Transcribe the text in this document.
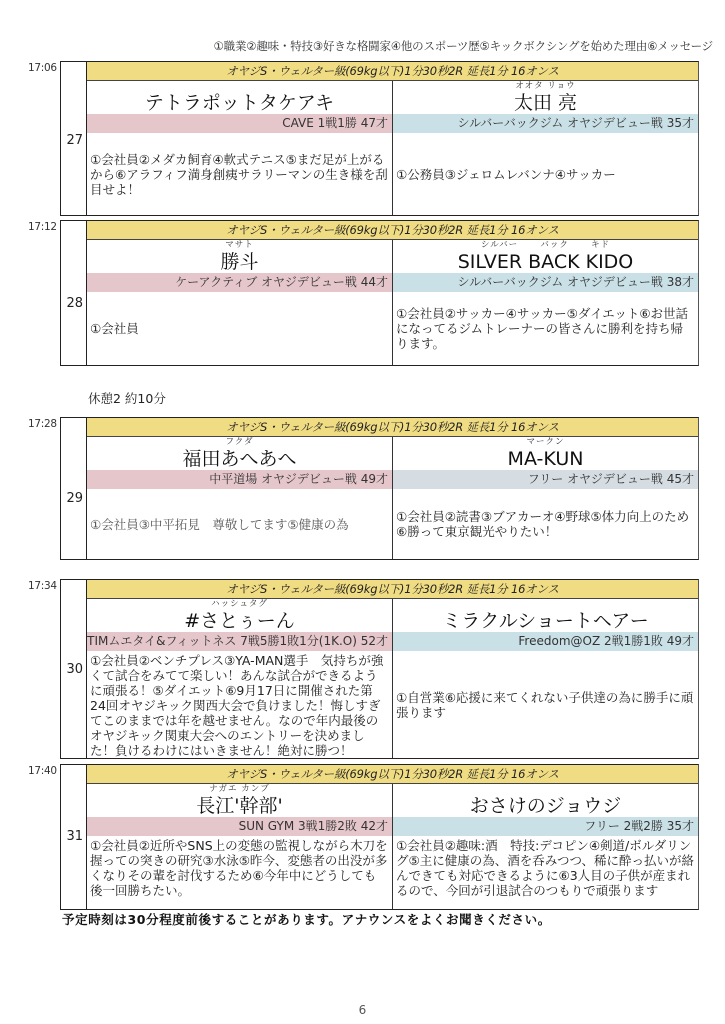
①職業②趣味・特技③好きな格闘家④他のスポーツ歴⑤キックボクシングを始めた理由⑥メッセージ
17:06
27
オヤジS・ウェルター級(69kg以下)1分30秒2R 延長1分 16オンス
テトラポットタケアキ
CAVE 1戦1勝 47才
①会社員②メダカ飼育④軟式テニス⑤まだ足が上がるから⑥アラフィフ満身創痍サラリーマンの生き様を刮目せよ！
オオタ リョウ
太田 亮
シルバーバックジム オヤジデビュー戦 35才
①公務員③ジェロムレバンナ④サッカー
17:12
28
オヤジS・ウェルター級(69kg以下)1分30秒2R 延長1分 16オンス
マサト
勝斗
ケーアクティブ オヤジデビュー戦 44才
①会社員
シルバー      バック      キド
SILVER BACK KIDO
シルバーバックジム オヤジデビュー戦 38才
①会社員②サッカー④サッカー⑤ダイエット⑥お世話になってるジムトレーナーの皆さんに勝利を持ち帰ります。
休憩2 約10分
17:28
29
オヤジS・ウェルター級(69kg以下)1分30秒2R 延長1分 16オンス
フクダ
福田あへあへ
中平道場 オヤジデビュー戦 49才
①会社員③中平拓見　尊敬してます⑤健康の為
マークン
MA-KUN
フリー オヤジデビュー戦 45才
①会社員②読書③ブアカーオ④野球⑤体力向上のため⑥勝って東京観光やりたい！
17:34
30
オヤジS・ウェルター級(69kg以下)1分30秒2R 延長1分 16オンス
ハッシュタグ
#さとぅーん
TIMムエタイ&フィットネス 7戦5勝1敗1分(1K.O) 52才
①会社員②ベンチプレス③YA-MAN選手　気持ちが強くて試合をみてて楽しい！あんな試合ができるように頑張る！⑤ダイエット⑥9月17日に開催された第24回オヤジキック関西大会で負けました！悔しすぎてこのままでは年を越せません。なので年内最後のオヤジキック関東大会へのエントリーを決めました！負けるわけにはいきません！絶対に勝つ！
ミラクルショートヘアー
Freedom@OZ 2戦1勝1敗 49才
①自営業⑥応援に来てくれない子供達の為に勝手に頑張ります
17:40
31
オヤジS・ウェルター級(69kg以下)1分30秒2R 延長1分 16オンス
ナガエ カンブ
長江'幹部'
SUN GYM 3戦1勝2敗 42才
①会社員②近所やSNS上の変態の監視しながら木刀を握っての突きの研究③水泳⑤昨今、変態者の出没が多くなりその輩を討伐するため⑥今年中にどうしても後一回勝ちたい。
おさけのジョウジ
フリー 2戦2勝 35才
①会社員②趣味:酒　特技:デコピン④剣道/ボルダリング⑤主に健康の為、酒を呑みつつ、稀に酔っ払いが絡んできても対応できるように⑥3人目の子供が産まれるので、今回が引退試合のつもりで頑張ります
予定時刻は30分程度前後することがあります。アナウンスをよくお聞きください。
6
